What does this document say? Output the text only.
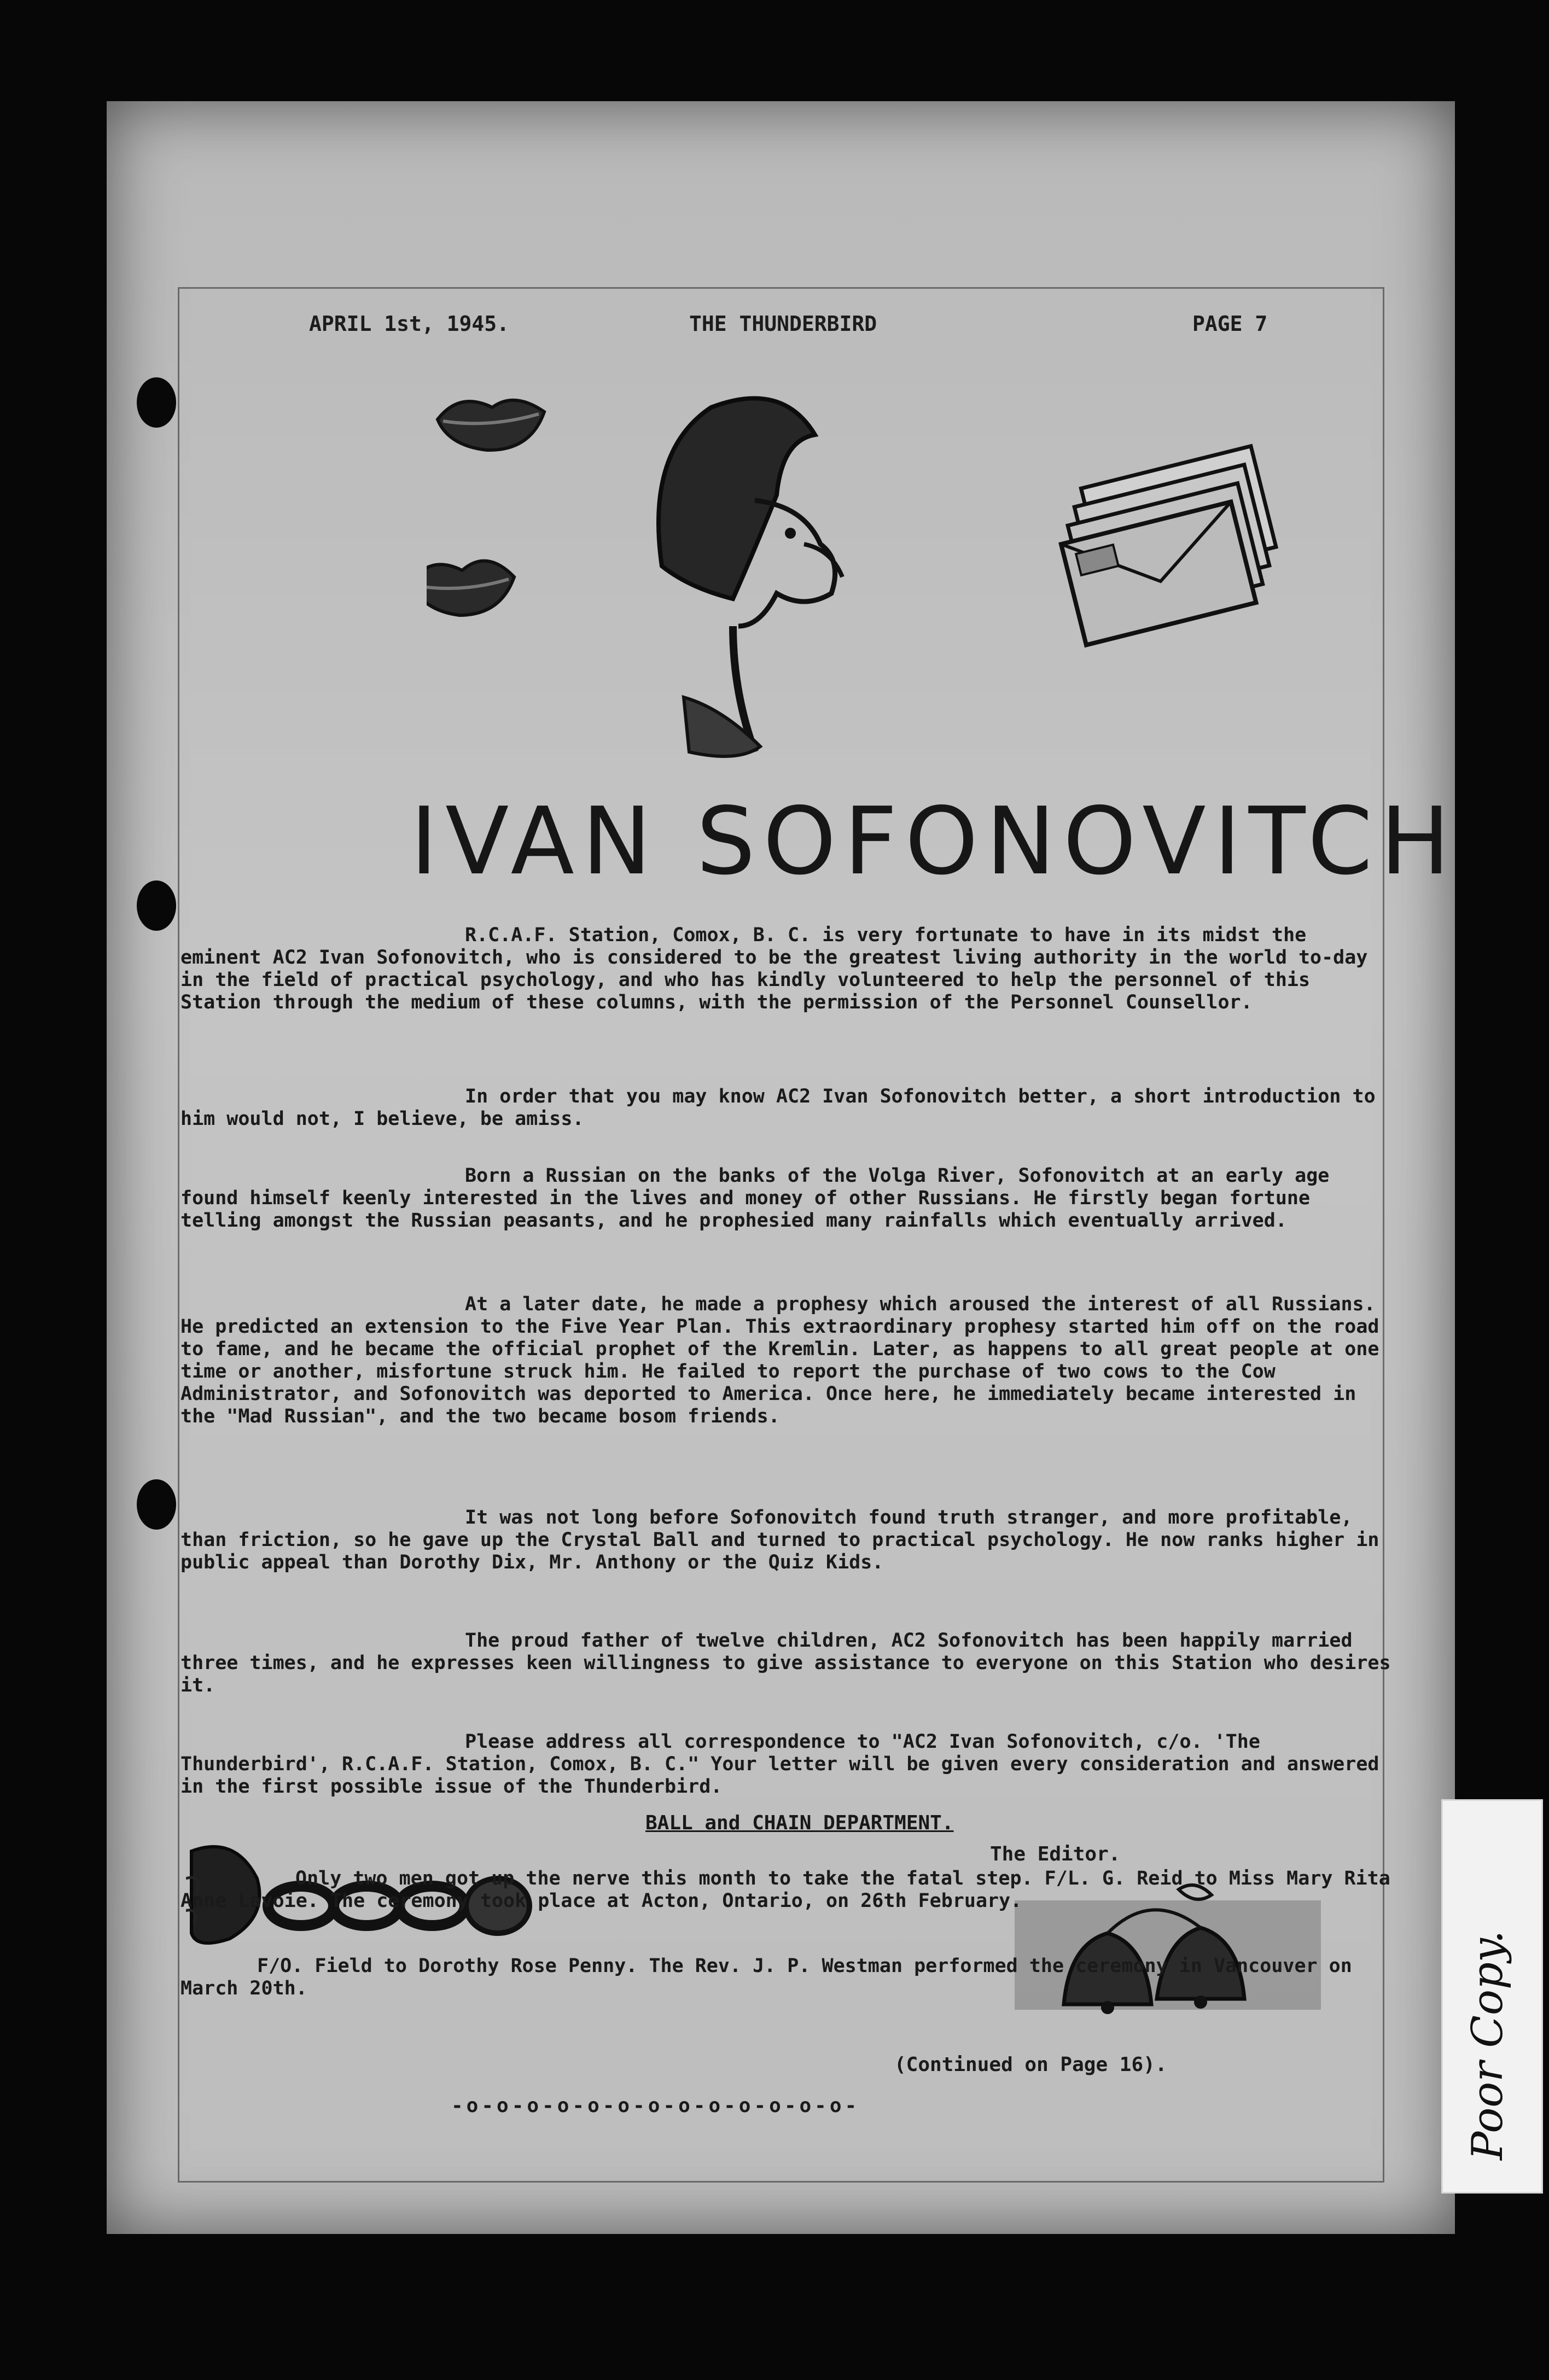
APRIL 1st, 1945.	THE THUNDERBIRD	PAGE 7
IVAN SOFONOVITCH
R.C.A.F. Station, Comox, B. C. is very fortunate to have in its midst the eminent AC2 Ivan Sofonovitch, who is considered to be the greatest living authority in the world to-day in the field of practical psychology, and who has kindly volunteered to help the personnel of this Station through the medium of these columns, with the permission of the Personnel Counsellor.
In order that you may know AC2 Ivan Sofonovitch better, a short introduction to him would not, I believe, be amiss.
Born a Russian on the banks of the Volga River, Sofonovitch at an early age found himself keenly interested in the lives and money of other Russians. He firstly began fortune telling amongst the Russian peasants, and he prophesied many rainfalls which eventually arrived.
At a later date, he made a prophesy which aroused the interest of all Russians. He predicted an extension to the Five Year Plan. This extraordinary prophesy started him off on the road to fame, and he became the official prophet of the Kremlin. Later, as happens to all great people at one time or another, misfortune struck him. He failed to report the purchase of two cows to the Cow Administrator, and Sofonovitch was deported to America. Once here, he immediately became interested in the "Mad Russian", and the two became bosom friends.
It was not long before Sofonovitch found truth stranger, and more profitable, than friction, so he gave up the Crystal Ball and turned to practical psychology. He now ranks higher in public appeal than Dorothy Dix, Mr. Anthony or the Quiz Kids.
The proud father of twelve children, AC2 Sofonovitch has been happily married three times, and he expresses keen willingness to give assistance to everyone on this Station who desires it.
Please address all correspondence to "AC2 Ivan Sofonovitch, c/o. 'The Thunderbird', R.C.A.F. Station, Comox, B. C." Your letter will be given every consideration and answered in the first possible issue of the Thunderbird.
The Editor.
BALL and CHAIN DEPARTMENT.
Only two men got up the nerve this month to take the fatal step. F/L. G. Reid to Miss Mary Rita Anne Lavoie. The ceremony took place at Acton, Ontario, on 26th February.
F/O. Field to Dorothy Rose Penny. The Rev. J. P. Westman performed the ceremony in Vancouver on March 20th.
(Continued on Page 16).
-o-o-o-o-o-o-o-o-o-o-o-o-o-	Poor Copy.
